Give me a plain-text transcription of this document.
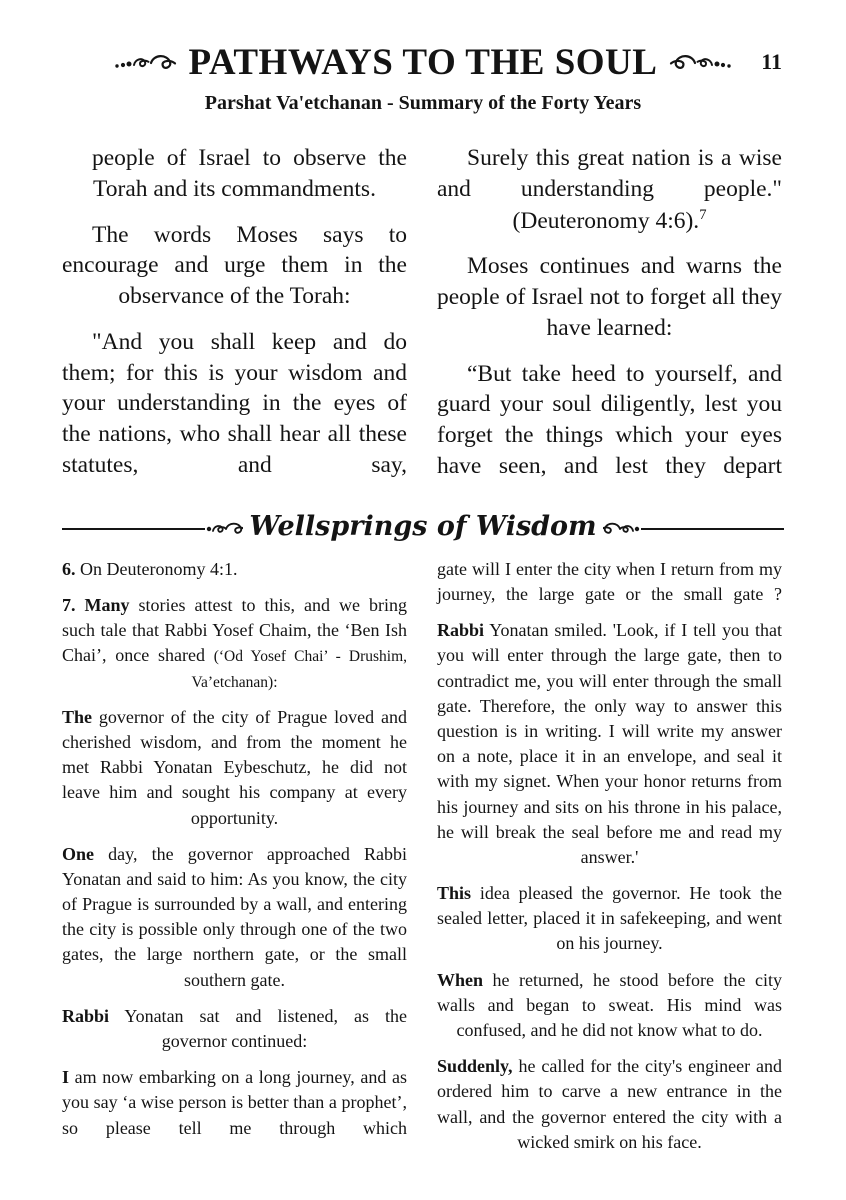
PATHWAYS TO THE SOUL	11
Parshat Va'etchanan - Summary of the Forty Years

people of Israel to observe the Torah and its commandments.

The words Moses says to encourage and urge them in the observance of the Torah:

"And you shall keep and do them; for this is your wisdom and your understanding in the eyes of the nations, who shall hear all these statutes, and say,

Surely this great nation is a wise and understanding people."
(Deuteronomy 4:6).$^7$

Moses continues and warns the people of Israel not to forget all they have learned:

“But take heed to yourself, and guard your soul diligently, lest you forget the things which your eyes have seen, and lest they depart

Wellsprings of Wisdom

6. On Deuteronomy 4:1.

7. Many stories attest to this, and we bring such tale that Rabbi Yosef Chaim, the ‘Ben Ish Chai’, once shared (‘Od Yosef Chai’ - Drushim, Va’etchanan):

The governor of the city of Prague loved and cherished wisdom, and from the moment he met Rabbi Yonatan Eybeschutz, he did not leave him and sought his company at every opportunity.

One day, the governor approached Rabbi Yonatan and said to him: As you know, the city of Prague is surrounded by a wall, and entering the city is possible only through one of the two gates, the large northern gate, or the small southern gate.

Rabbi Yonatan sat and listened, as the governor continued:

I am now embarking on a long journey, and as you say ‘a wise person is better than a prophet’, so please tell me through which

gate will I enter the city when I return from my journey, the large gate or the small gate ?

Rabbi Yonatan smiled. 'Look, if I tell you that you will enter through the large gate, then to contradict me, you will enter through the small gate. Therefore, the only way to answer this question is in writing. I will write my answer on a note, place it in an envelope, and seal it with my signet. When your honor returns from his journey and sits on his throne in his palace, he will break the seal before me and read my answer.'

This idea pleased the governor. He took the sealed letter, placed it in safekeeping, and went on his journey.

When he returned, he stood before the city walls and began to sweat. His mind was confused, and he did not know what to do.

Suddenly, he called for the city's engineer and ordered him to carve a new entrance in the wall, and the governor entered the city with a wicked smirk on his face.
